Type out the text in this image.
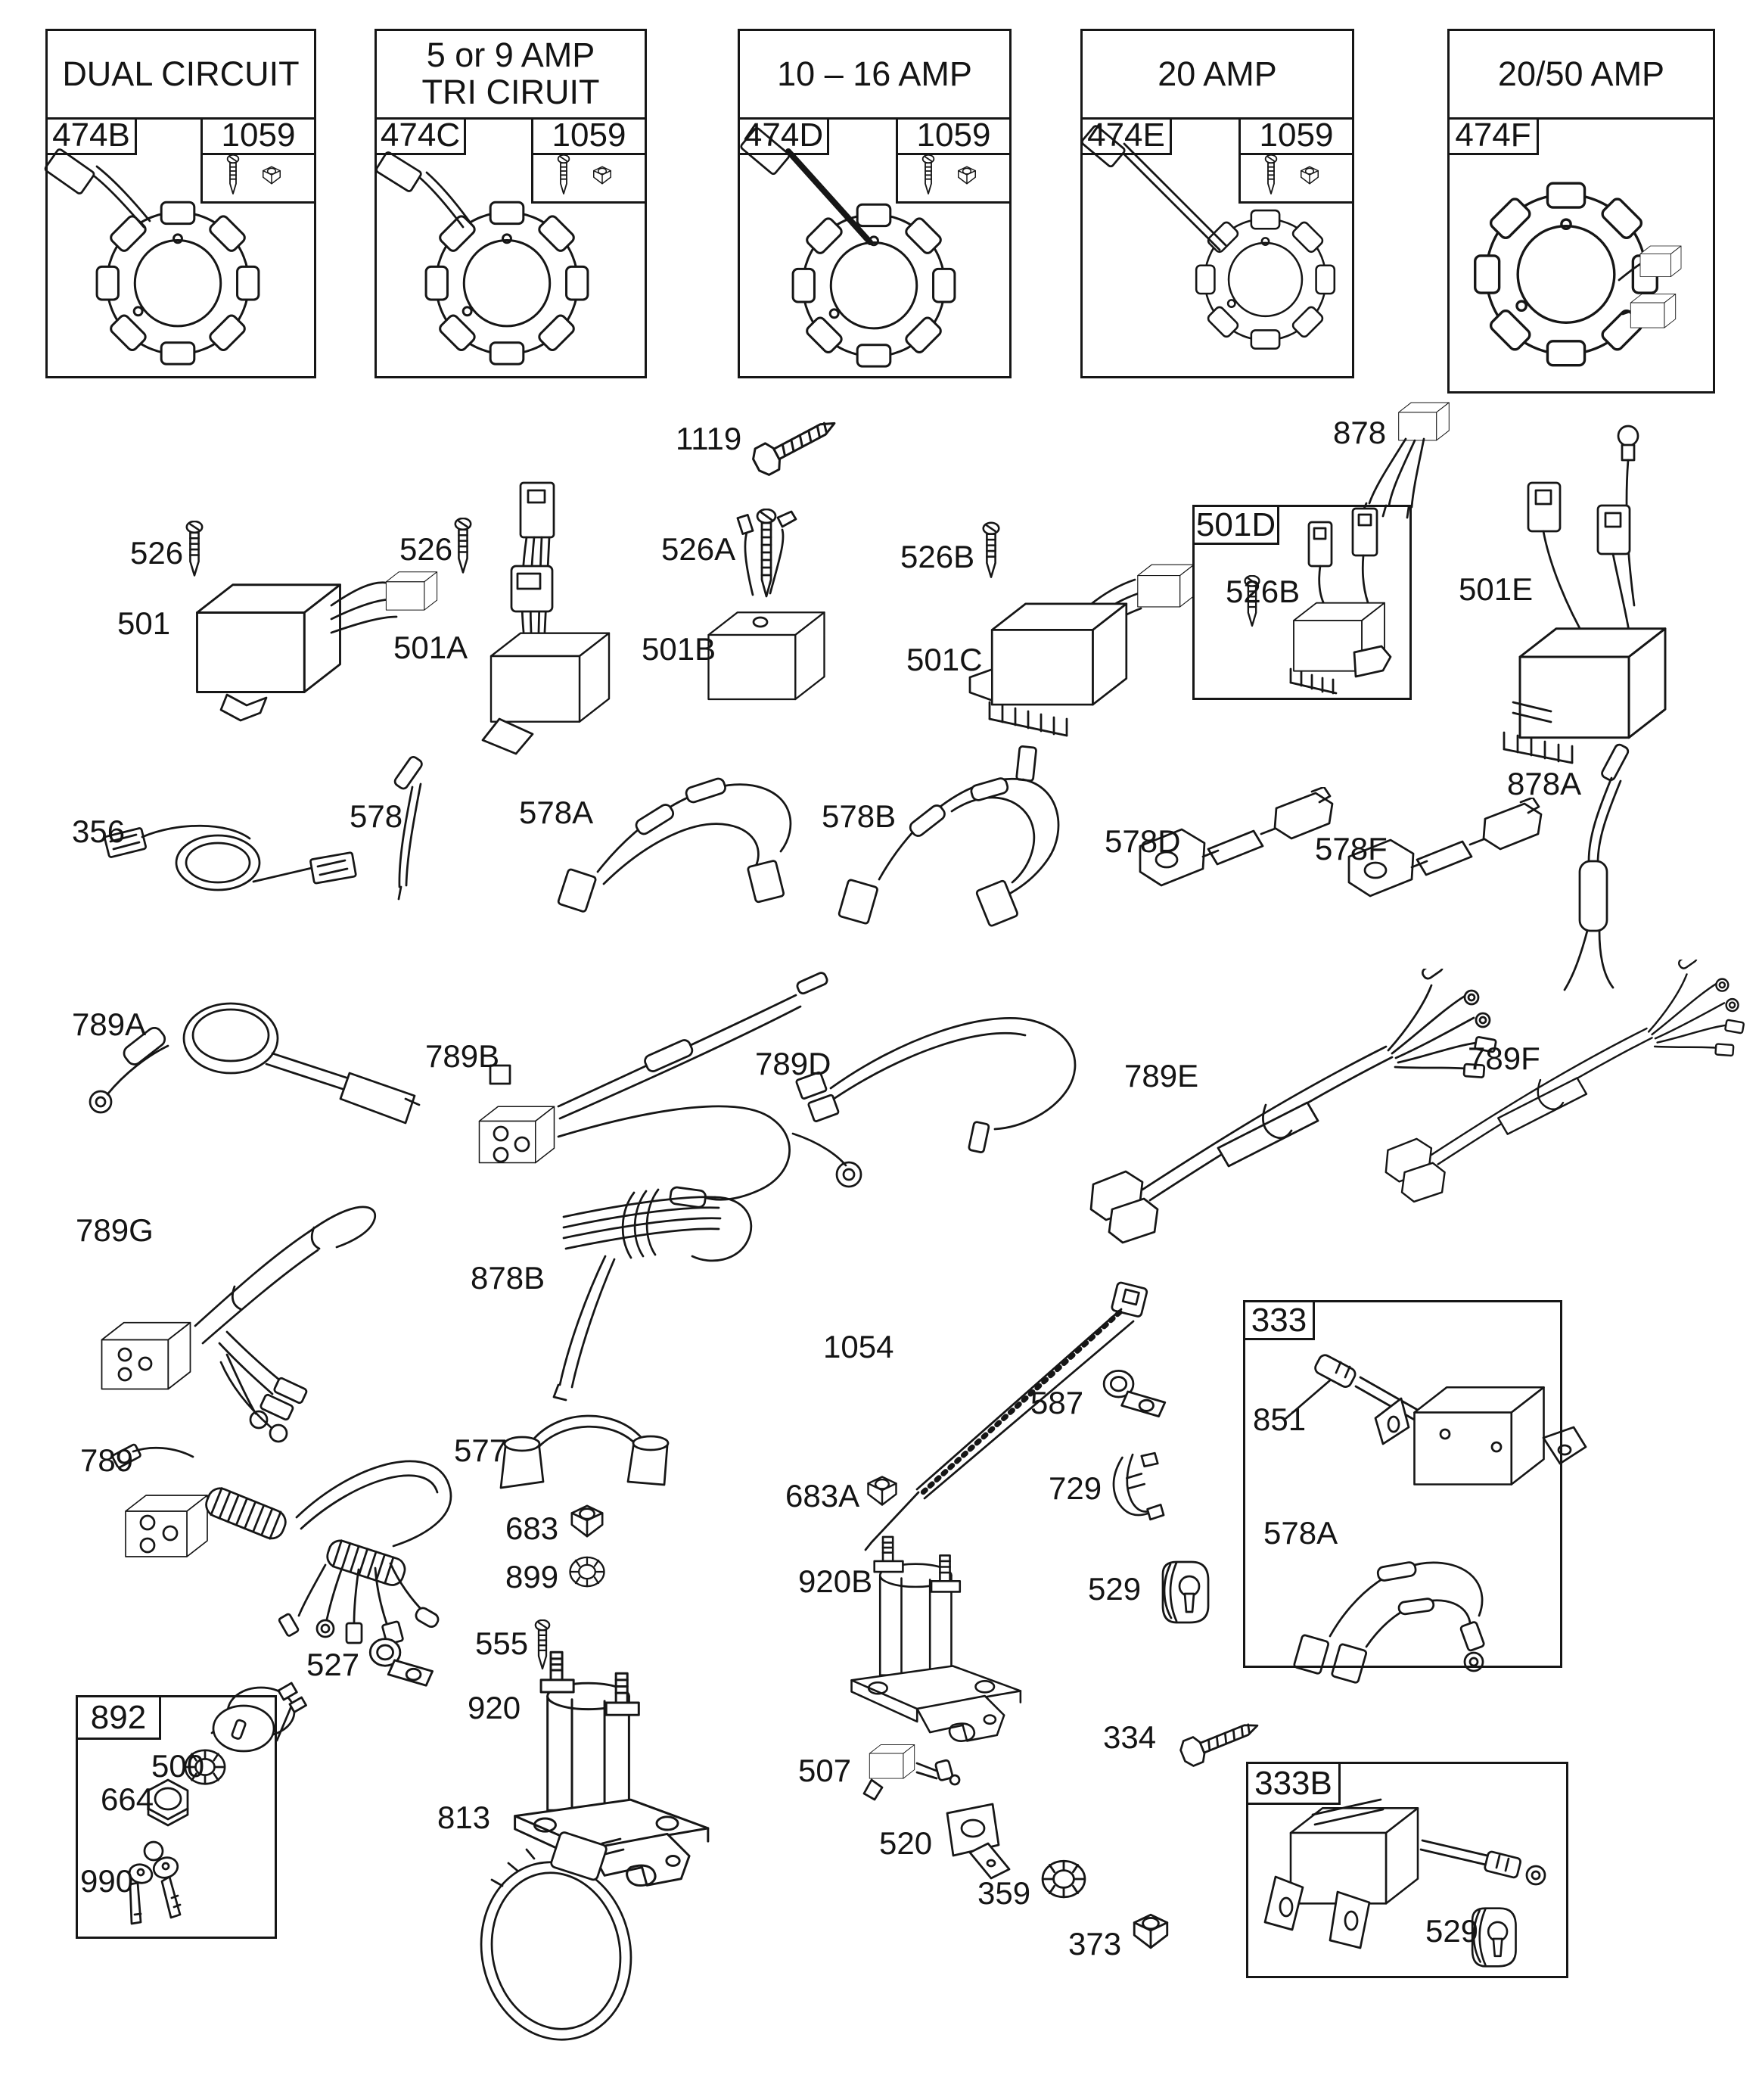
DUAL CIRCUIT
474B	1059
5 or 9 AMP
TRI CIRUIT
474C	1059
10 – 16 AMP
474D	1059
20 AMP
474E	1059
20/50 AMP
474F
501D
333
892
333B
1119	878
526
501
526
501A
526A
501B
526B
501C
526B	501E
356	578	578A	578B
578D	578F
878A
789A
789B	789D	789E	789F
789G
878B
1054
587	851
789	577
683A	729
683
899
578A
920B	529
555
920
527
500
664
990
334
507
813
520
359
373	529
